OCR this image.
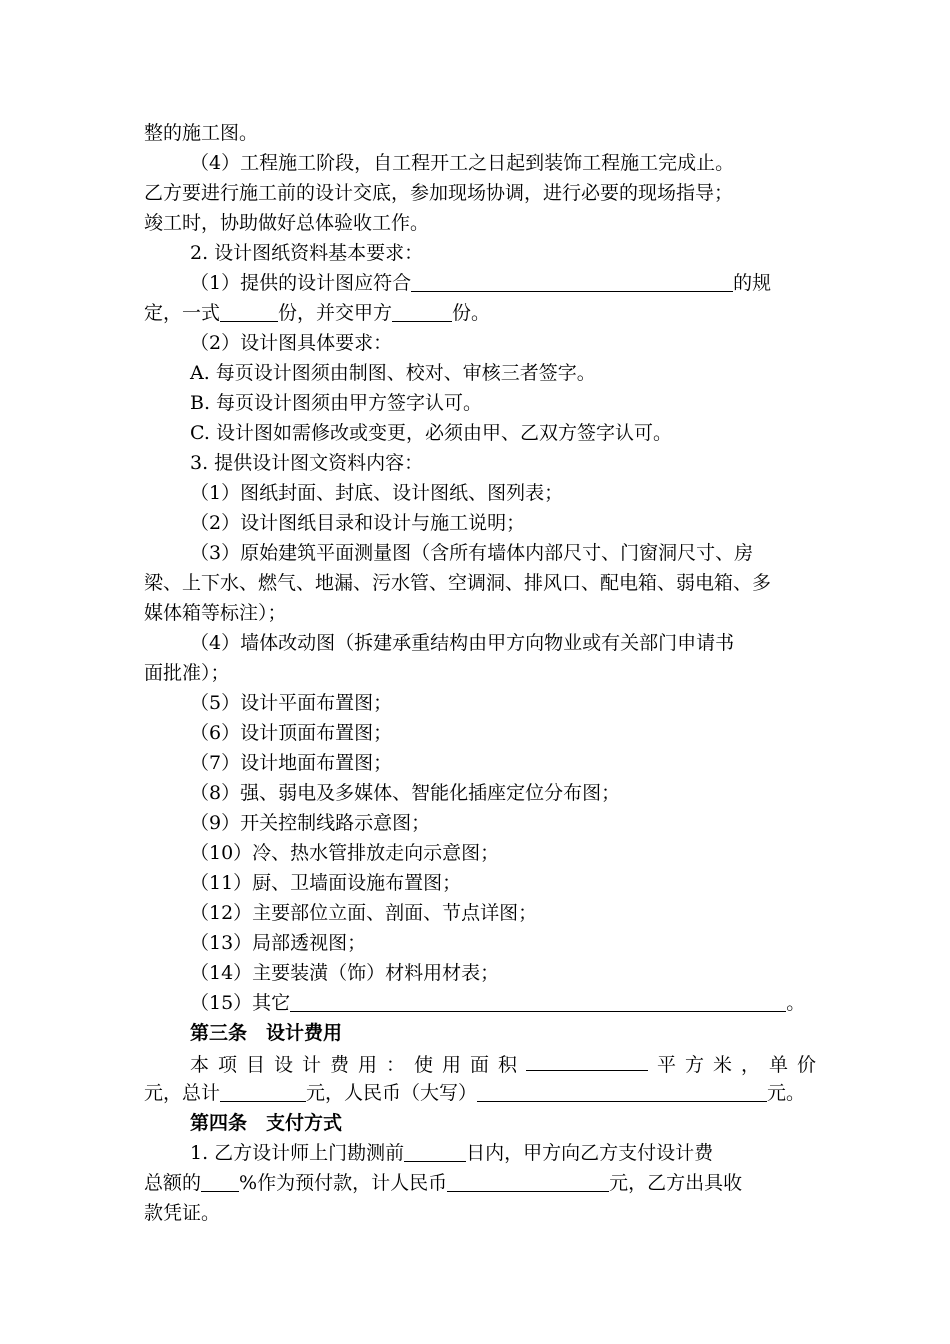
整的施工图。
（4）工程施工阶段，自工程开工之日起到装饰工程施工完成止。
乙方要进行施工前的设计交底，参加现场协调，进行必要的现场指导；
竣工时，协助做好总体验收工作。
2. 设计图纸资料基本要求：
（1）提供的设计图应符合	的规
定，一式	份，并交甲方	份。
（2）设计图具体要求：
A. 每页设计图须由制图、校对、审核三者签字。
B. 每页设计图须由甲方签字认可。
C. 设计图如需修改或变更，必须由甲、乙双方签字认可。
3. 提供设计图文资料内容：
（1）图纸封面、封底、设计图纸、图列表；
（2）设计图纸目录和设计与施工说明；
（3）原始建筑平面测量图（含所有墙体内部尺寸、门窗洞尺寸、房
梁、上下水、燃气、地漏、污水管、空调洞、排风口、配电箱、弱电箱、多
媒体箱等标注）；
（4）墙体改动图（拆建承重结构由甲方向物业或有关部门申请书
面批准）；
（5）设计平面布置图；
（6）设计顶面布置图；
（7）设计地面布置图；
（8）强、弱电及多媒体、智能化插座定位分布图；
（9）开关控制线路示意图；
（10）冷、热水管排放走向示意图；
（11）厨、卫墙面设施布置图；
（12）主要部位立面、剖面、节点详图；
（13）局部透视图；
（14）主要装潢（饰）材料用材表；
（15）其它	。
第三条　设计费用
本 项 目 设 计 费 用 ： 使 用 面 积	平 方 米 ， 单 价
元，总计	元，人民币（大写）	元。
第四条　支付方式
1. 乙方设计师上门勘测前	日内，甲方向乙方支付设计费
总额的 %作为预付款，计人民币	元，乙方出具收
款凭证。
